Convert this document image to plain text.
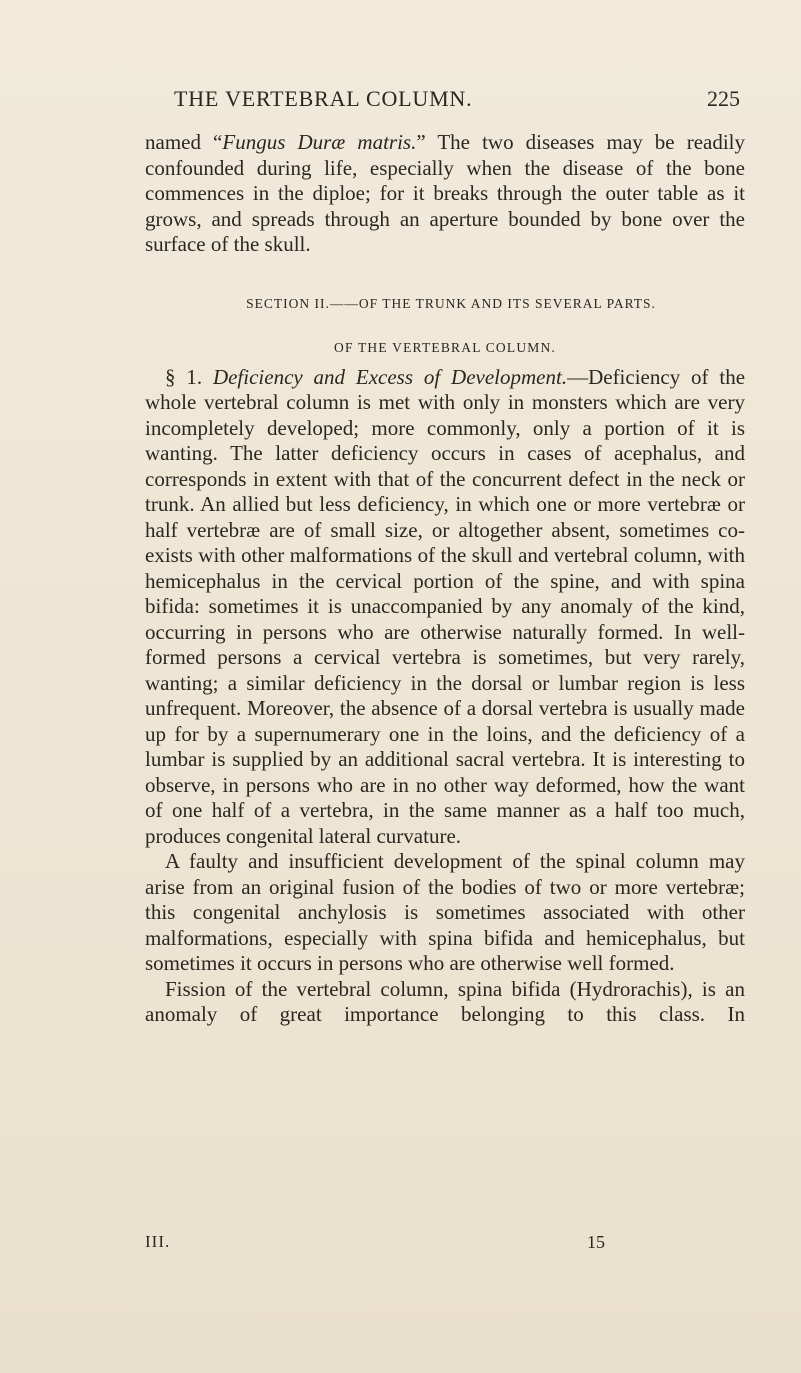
THE VERTEBRAL COLUMN.	225

named “Fungus Duræ matris.” The two diseases may be readily confounded during life, especially when the disease of the bone commences in the diploe; for it breaks through the outer table as it grows, and spreads through an aperture bounded by bone over the surface of the skull.

SECTION II.——OF THE TRUNK AND ITS SEVERAL PARTS.

OF THE VERTEBRAL COLUMN.

§ 1. Deficiency and Excess of Development.—Deficiency of the whole vertebral column is met with only in monsters which are very incompletely developed; more commonly, only a portion of it is wanting. The latter deficiency occurs in cases of acephalus, and corresponds in extent with that of the concurrent defect in the neck or trunk. An allied but less deficiency, in which one or more vertebræ or half vertebræ are of small size, or altogether absent, sometimes co-exists with other malformations of the skull and vertebral column, with hemicephalus in the cervical portion of the spine, and with spina bifida: sometimes it is unaccompanied by any anomaly of the kind, occurring in persons who are otherwise naturally formed. In well-formed persons a cervical vertebra is sometimes, but very rarely, wanting; a similar deficiency in the dorsal or lumbar region is less unfrequent. Moreover, the absence of a dorsal vertebra is usually made up for by a supernumerary one in the loins, and the deficiency of a lumbar is supplied by an additional sacral vertebra. It is interesting to observe, in persons who are in no other way deformed, how the want of one half of a vertebra, in the same manner as a half too much, produces congenital lateral curvature.

A faulty and insufficient development of the spinal column may arise from an original fusion of the bodies of two or more vertebræ; this congenital anchylosis is sometimes associated with other malformations, especially with spina bifida and hemicephalus, but sometimes it occurs in persons who are otherwise well formed.

Fission of the vertebral column, spina bifida (Hydrorachis), is an anomaly of great importance belonging to this class. In

III.	15
